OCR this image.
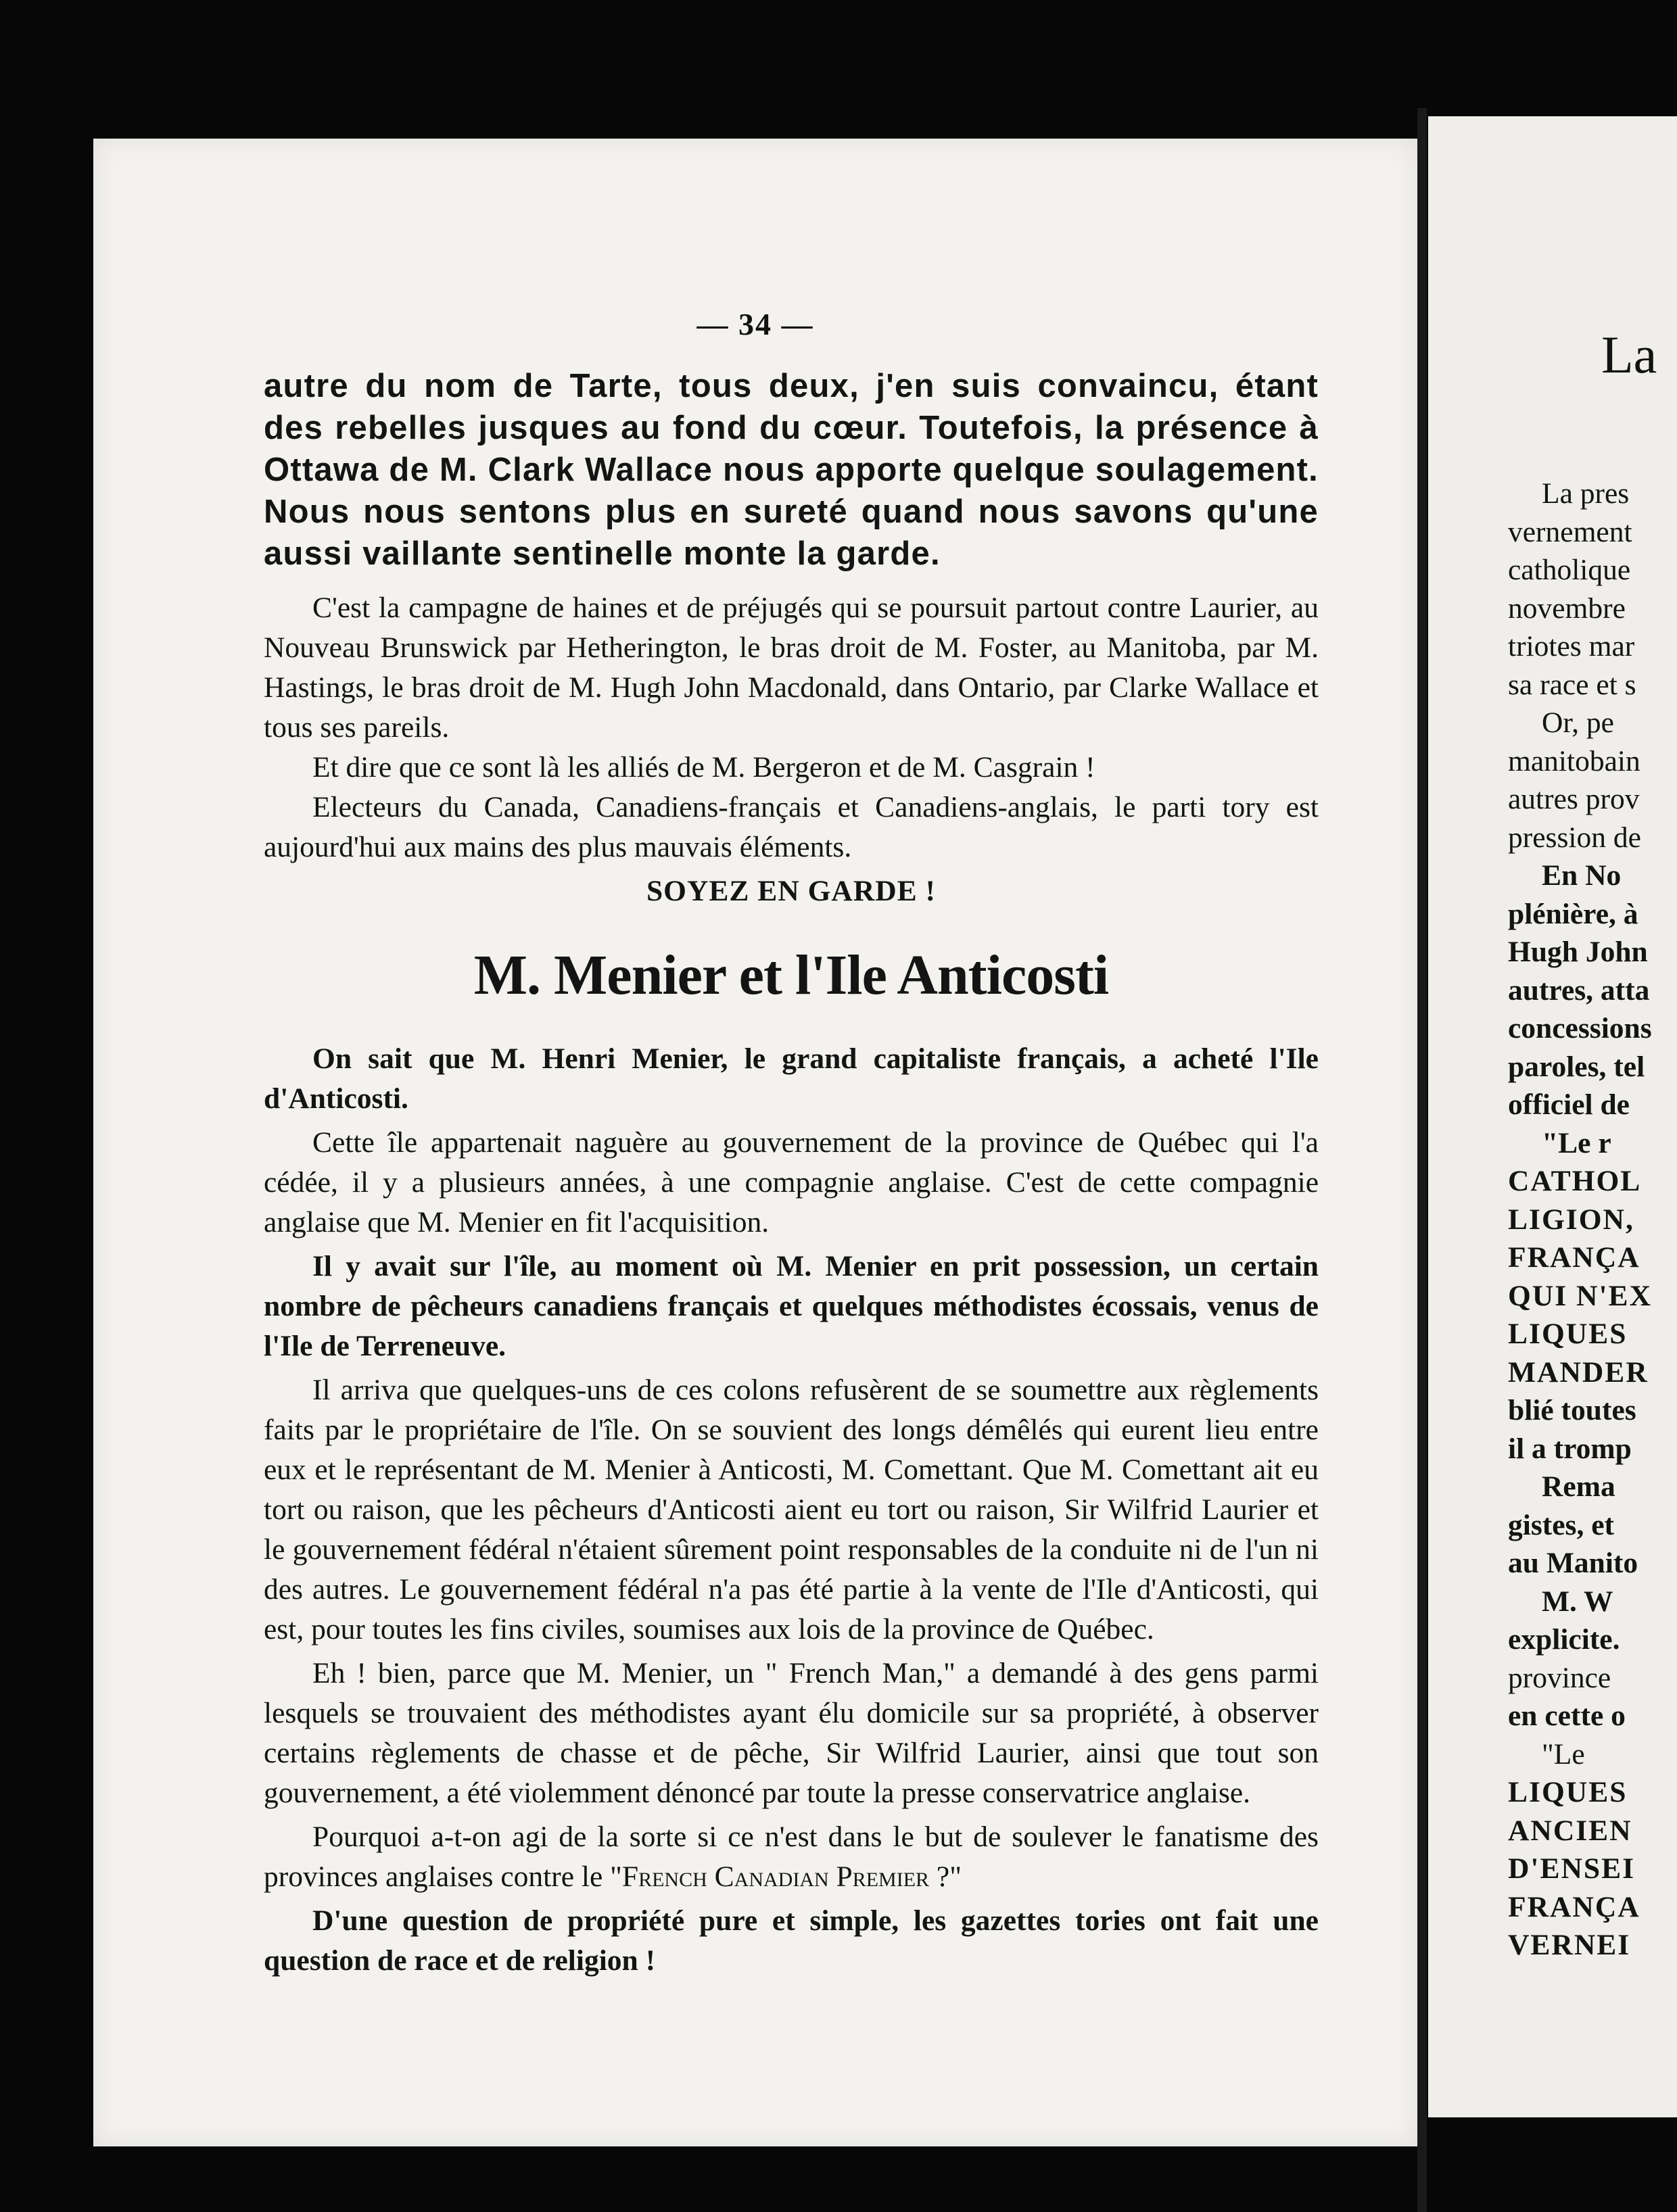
— 34 —

autre du nom de Tarte, tous deux, j'en suis convaincu, étant des rebelles jusques au fond du cœur. Toutefois, la présence à Ottawa de M. Clark Wallace nous apporte quelque soulagement. Nous nous sentons plus en sureté quand nous savons qu'une aussi vaillante sentinelle monte la garde.

C'est la campagne de haines et de préjugés qui se poursuit partout contre Laurier, au Nouveau Brunswick par Hetherington, le bras droit de M. Foster, au Manitoba, par M. Hastings, le bras droit de M. Hugh John Macdonald, dans Ontario, par Clarke Wallace et tous ses pareils.

Et dire que ce sont là les alliés de M. Bergeron et de M. Casgrain !

Electeurs du Canada, Canadiens-français et Canadiens-anglais, le parti tory est aujourd'hui aux mains des plus mauvais éléments.

SOYEZ EN GARDE !

M. Menier et l'Ile Anticosti

On sait que M. Henri Menier, le grand capitaliste français, a acheté l'Ile d'Anticosti.

Cette île appartenait naguère au gouvernement de la province de Québec qui l'a cédée, il y a plusieurs années, à une compagnie anglaise. C'est de cette compagnie anglaise que M. Menier en fit l'acquisition.

Il y avait sur l'île, au moment où M. Menier en prit possession, un certain nombre de pêcheurs canadiens français et quelques méthodistes écossais, venus de l'Ile de Terreneuve.

Il arriva que quelques-uns de ces colons refusèrent de se soumettre aux règlements faits par le propriétaire de l'île. On se souvient des longs démêlés qui eurent lieu entre eux et le représentant de M. Menier à Anticosti, M. Comettant. Que M. Comettant ait eu tort ou raison, que les pêcheurs d'Anticosti aient eu tort ou raison, Sir Wilfrid Laurier et le gouvernement fédéral n'étaient sûrement point responsables de la conduite ni de l'un ni des autres. Le gouvernement fédéral n'a pas été partie à la vente de l'Ile d'Anticosti, qui est, pour toutes les fins civiles, soumises aux lois de la province de Québec.

Eh ! bien, parce que M. Menier, un " French Man," a demandé à des gens parmi lesquels se trouvaient des méthodistes ayant élu domicile sur sa propriété, à observer certains règlements de chasse et de pêche, Sir Wilfrid Laurier, ainsi que tout son gouvernement, a été violemment dénoncé par toute la presse conservatrice anglaise.

Pourquoi a-t-on agi de la sorte si ce n'est dans le but de soulever le fanatisme des provinces anglaises contre le "French Canadian Premier ?"

D'une question de propriété pure et simple, les gazettes tories ont fait une question de race et de religion !

La
La pres
vernement
catholique
novembre
triotes mar
sa race et s
Or, pe
manitobain
autres prov
pression de
En No
plénière, à
Hugh John
autres, atta
concessions
paroles, tel
officiel de
"Le r
CATHOL
LIGION,
FRANÇA
QUI N'EX
LIQUES
MANDER
blié toutes
il a tromp
Rema
gistes, et
au Manito
M. W
explicite.
province
en cette o
"Le
LIQUES
ANCIEN
D'ENSEI
FRANÇA
VERNEI
